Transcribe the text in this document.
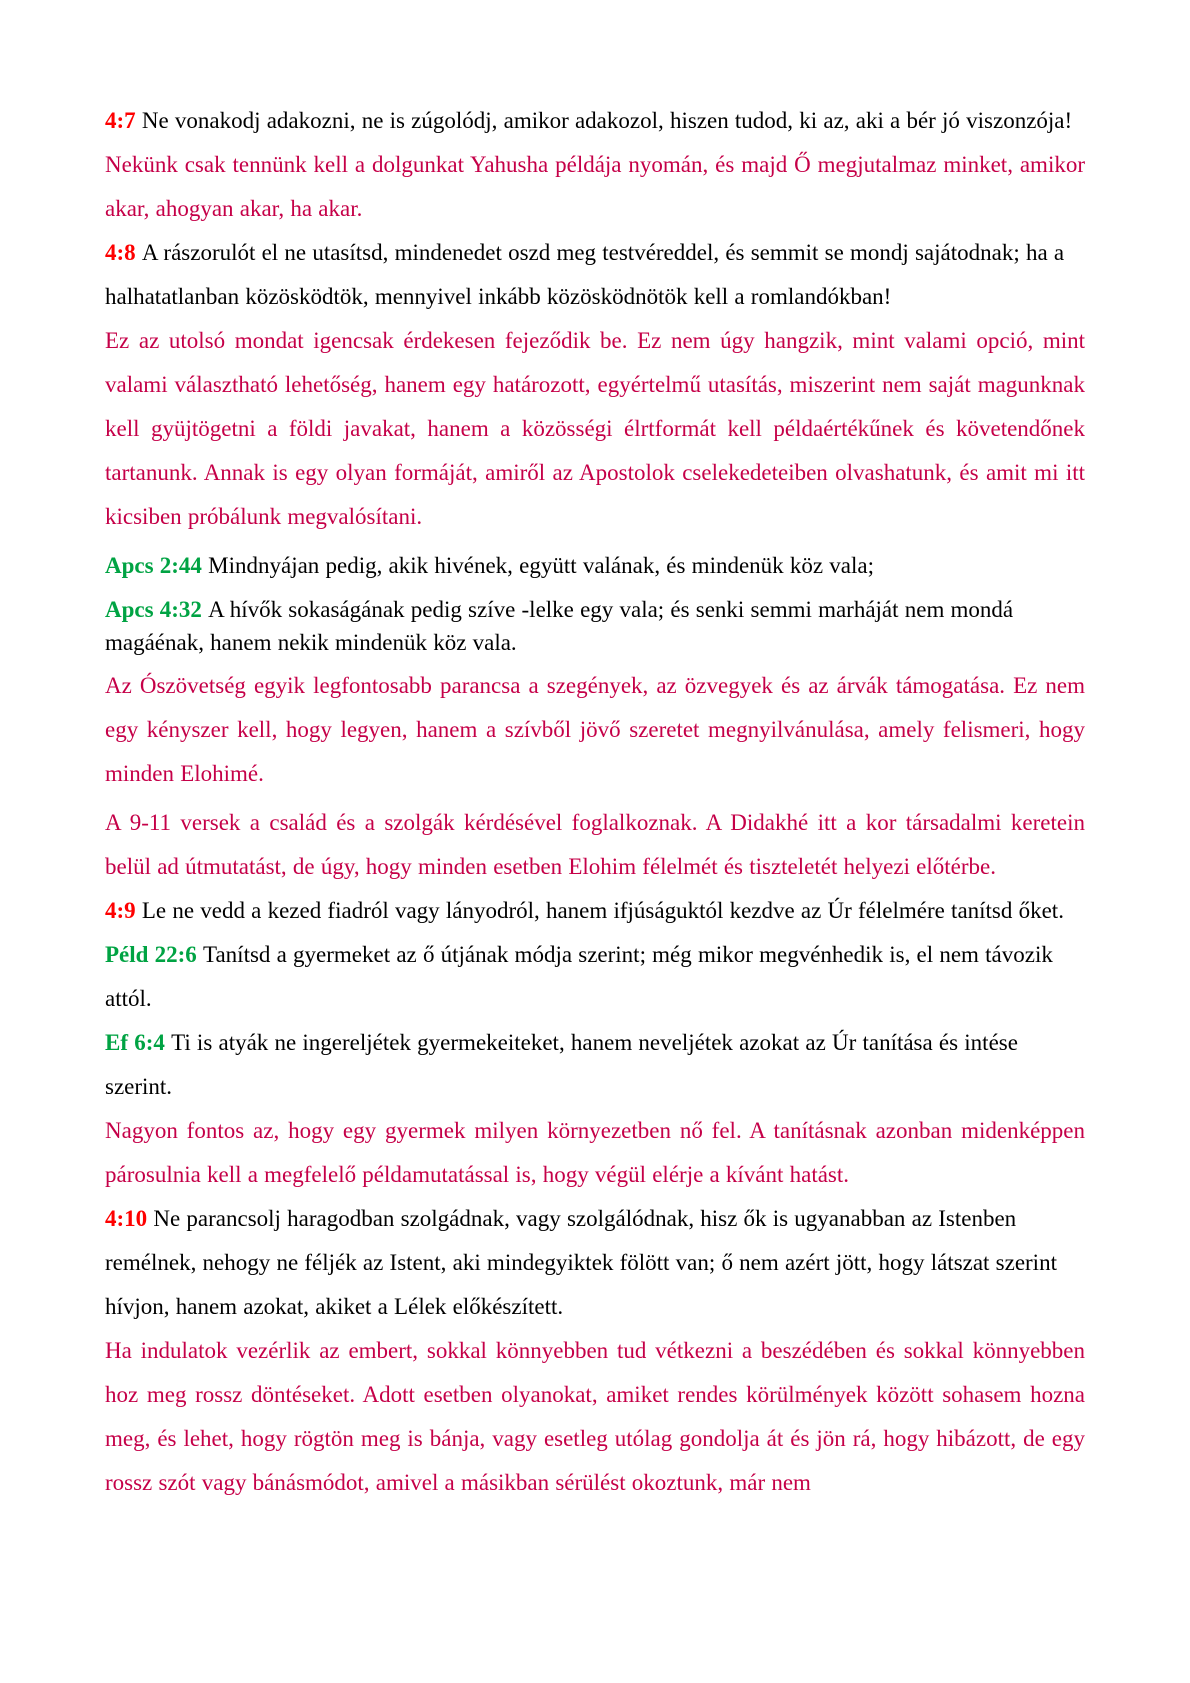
4:7 Ne vonakodj adakozni, ne is zúgolódj, amikor adakozol, hiszen tudod, ki az, aki a bér jó viszonzója!

Nekünk csak tennünk kell a dolgunkat Yahusha példája nyomán, és majd Ő megjutalmaz minket, amikor akar, ahogyan akar, ha akar.

4:8 A rászorulót el ne utasítsd, mindenedet oszd meg testvéreddel, és semmit se mondj sajátodnak; ha a halhatatlanban közösködtök, mennyivel inkább közösködnötök kell a romlandókban!

Ez az utolsó mondat igencsak érdekesen fejeződik be. Ez nem úgy hangzik, mint valami opció, mint valami választható lehetőség, hanem egy határozott, egyértelmű utasítás, miszerint nem saját magunknak kell gyüjtögetni a földi javakat, hanem a közösségi élrtformát kell példaértékűnek és követendőnek tartanunk. Annak is egy olyan formáját, amiről az Apostolok cselekedeteiben olvashatunk, és amit mi itt kicsiben próbálunk megvalósítani.

Apcs 2:44 Mindnyájan pedig, akik hivének, együtt valának, és mindenük köz vala;

Apcs 4:32 A hívők sokaságának pedig szíve -lelke egy vala; és senki semmi marháját nem mondá magáénak, hanem nekik mindenük köz vala.

Az Ószövetség egyik legfontosabb parancsa a szegények, az özvegyek és az árvák támogatása. Ez nem egy kényszer kell, hogy legyen, hanem a szívből jövő szeretet megnyilvánulása, amely felismeri, hogy minden Elohimé.

A 9-11 versek a család és a szolgák kérdésével foglalkoznak. A Didakhé itt a kor társadalmi keretein belül ad útmutatást, de úgy, hogy minden esetben Elohim félelmét és tiszteletét helyezi előtérbe.

4:9 Le ne vedd a kezed fiadról vagy lányodról, hanem ifjúságuktól kezdve az Úr félelmére tanítsd őket.

Péld 22:6 Tanítsd a gyermeket az ő útjának módja szerint; még mikor megvénhedik is, el nem távozik attól.

Ef 6:4 Ti is atyák ne ingereljétek gyermekeiteket, hanem neveljétek azokat az Úr tanítása és intése szerint.

Nagyon fontos az, hogy egy gyermek milyen környezetben nő fel. A tanításnak azonban midenképpen párosulnia kell a megfelelő példamutatással is, hogy végül elérje a kívánt hatást.

4:10 Ne parancsolj haragodban szolgádnak, vagy szolgálódnak, hisz ők is ugyanabban az Istenben remélnek, nehogy ne féljék az Istent, aki mindegyiktek fölött van; ő nem azért jött, hogy látszat szerint hívjon, hanem azokat, akiket a Lélek előkészített.

Ha indulatok vezérlik az embert, sokkal könnyebben tud vétkezni a beszédében és sokkal könnyebben hoz meg rossz döntéseket. Adott esetben olyanokat, amiket rendes körülmények között sohasem hozna meg, és lehet, hogy rögtön meg is bánja, vagy esetleg utólag gondolja át és jön rá, hogy hibázott, de egy rossz szót vagy bánásmódot, amivel a másikban sérülést okoztunk, már nem
